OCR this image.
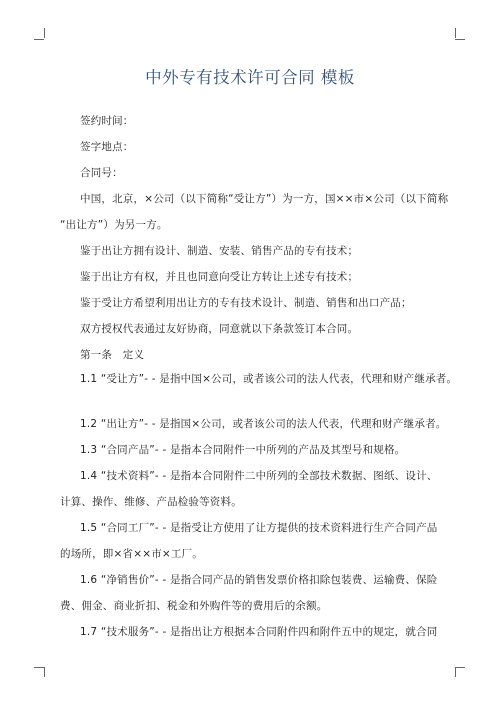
中外专有技术许可合同 模板
签约时间：
签字地点：
合同号：
中国，北京，×公司（以下简称“受让方”）为一方，国××市×公司（以下简称
“出让方”）为另一方。
鉴于出让方拥有设计、制造、安装、销售产品的专有技术；
鉴于出让方有权，并且也同意向受让方转让上述专有技术；
鉴于受让方希望利用出让方的专有技术设计、制造、销售和出口产品；
双方授权代表通过友好协商，同意就以下条款签订本合同。
第一条　定义
1.1 “受让方”- - 是指中国×公司，或者该公司的法人代表，代理和财产继承者。
1.2 “出让方”- - 是指国×公司，或者该公司的法人代表，代理和财产继承者。
1.3 “合同产品”- - 是指本合同附件一中所列的产品及其型号和规格。
1.4 “技术资料”- - 是指本合同附件二中所列的全部技术数据、图纸、设计、
计算、操作、维修、产品检验等资料。
1.5 “合同工厂”- - 是指受让方使用了让方提供的技术资料进行生产合同产品
的场所，即×省××市×工厂。
1.6 “净销售价”- - 是指合同产品的销售发票价格扣除包装费、运输费、保险
费、佣金、商业折扣、税金和外购件等的费用后的余额。
1.7 “技术服务”- - 是指出让方根据本合同附件四和附件五中的规定，就合同
